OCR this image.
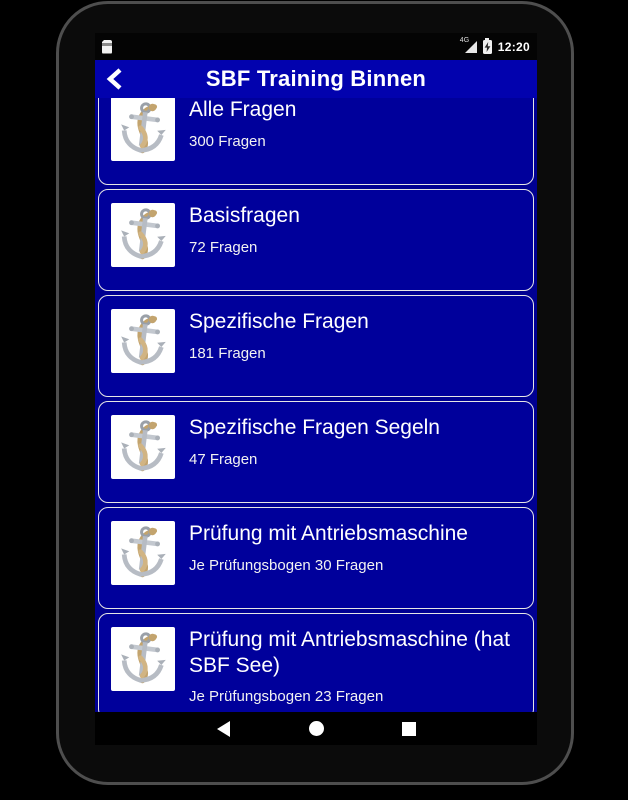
4G 12:20
SBF Training Binnen
Alle Fragen
300 Fragen
Basisfragen
72 Fragen
Spezifische Fragen
181 Fragen
Spezifische Fragen Segeln
47 Fragen
Prüfung mit Antriebsmaschine
Je Prüfungsbogen 30 Fragen
Prüfung mit Antriebsmaschine (hat SBF See)
Je Prüfungsbogen 23 Fragen
